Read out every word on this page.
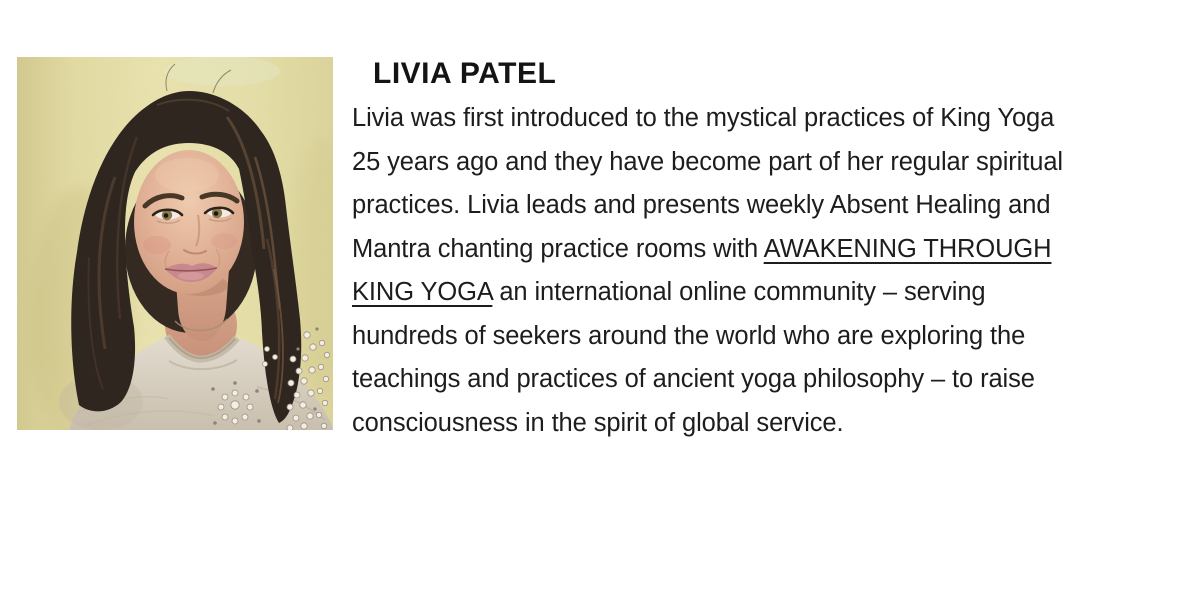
LIVIA PATEL
Livia was first introduced to the mystical practices of King Yoga
25 years ago and they have become part of her regular spiritual
practices. Livia leads and presents weekly Absent Healing and
Mantra chanting practice rooms with AWAKENING THROUGH
KING YOGA an international online community – serving
hundreds of seekers around the world who are exploring the
teachings and practices of ancient yoga philosophy – to raise
consciousness in the spirit of global service.
